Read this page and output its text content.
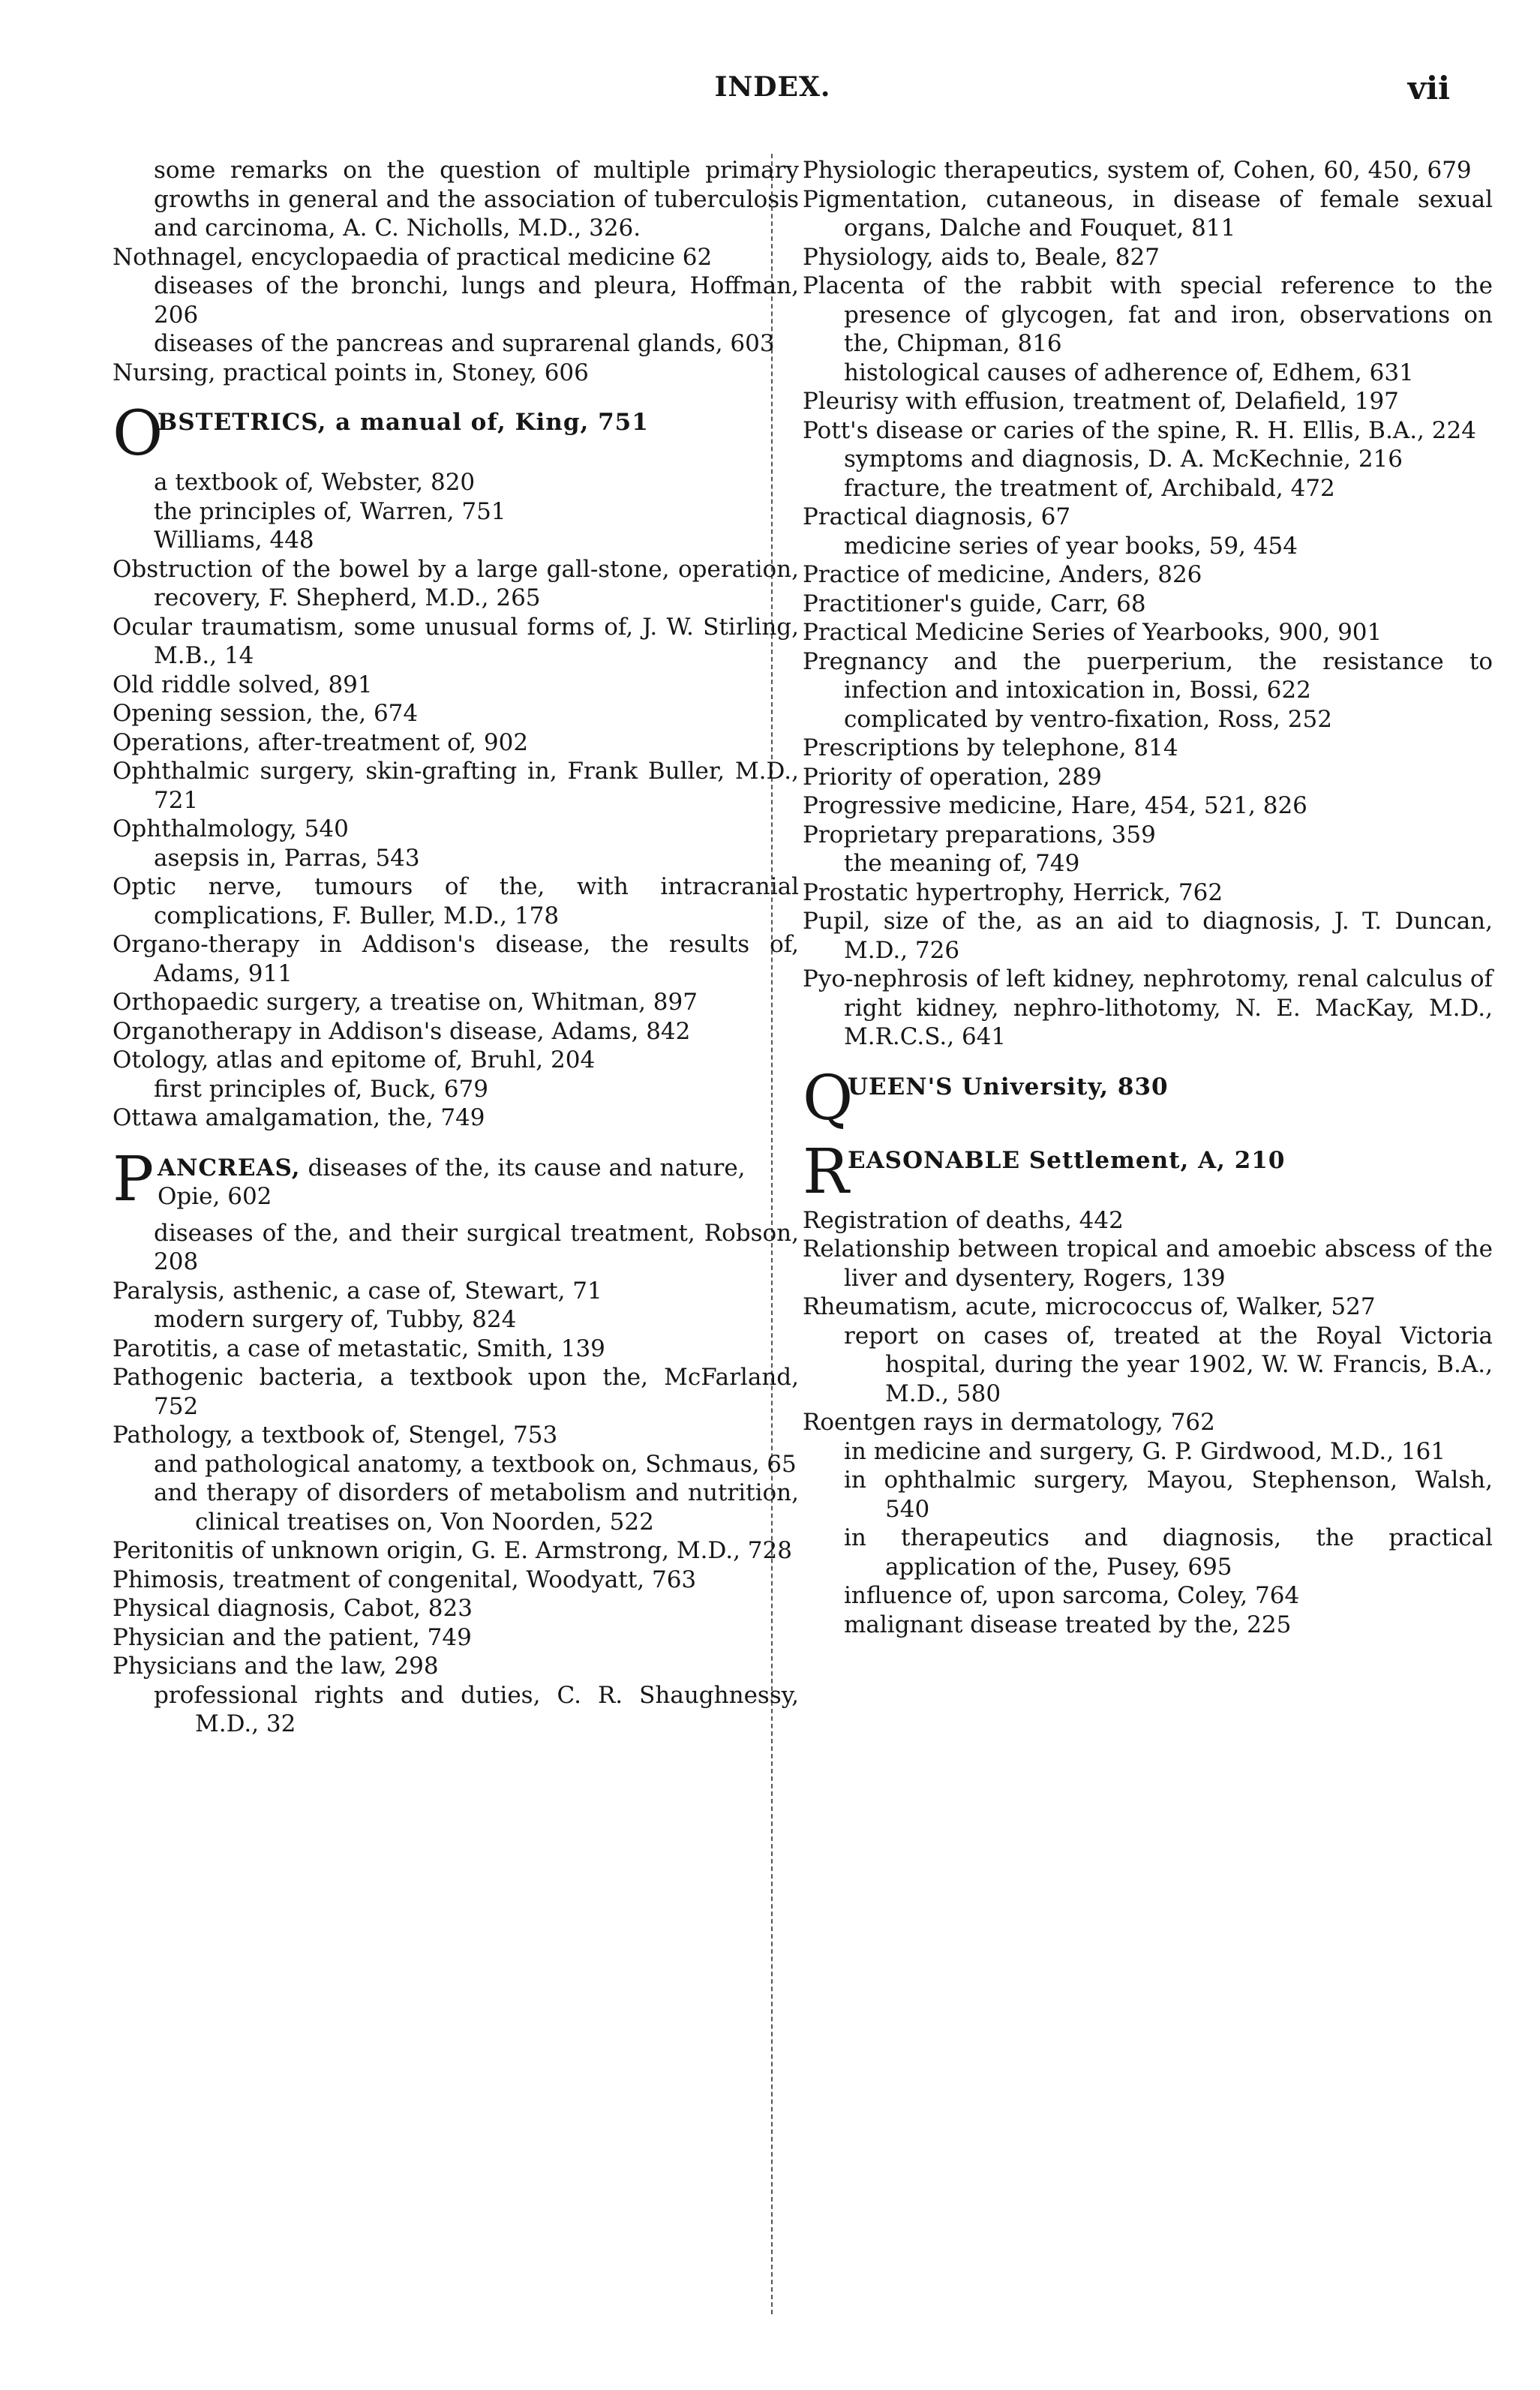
INDEX.	vii

some remarks on the question of multiple primary growths in general and the association of tuberculosis and carcinoma, A. C. Nicholls, M.D., 326.

Nothnagel, encyclopaedia of practical medicine 62

diseases of the bronchi, lungs and pleura, Hoffman, 206

diseases of the pancreas and suprarenal glands, 603

Nursing, practical points in, Stoney, 606

O
BSTETRICS, a manual of, King, 751

a textbook of, Webster, 820

the principles of, Warren, 751

Williams, 448

Obstruction of the bowel by a large gall-stone, operation, recovery, F. Shepherd, M.D., 265

Ocular traumatism, some unusual forms of, J. W. Stirling, M.B., 14

Old riddle solved, 891

Opening session, the, 674

Operations, after-treatment of, 902

Ophthalmic surgery, skin-grafting in, Frank Buller, M.D., 721

Ophthalmology, 540

asepsis in, Parras, 543

Optic nerve, tumours of the, with intracranial complications, F. Buller, M.D., 178

Organo-therapy in Addison's disease, the results of, Adams, 911

Orthopaedic surgery, a treatise on, Whitman, 897

Organotherapy in Addison's disease, Adams, 842

Otology, atlas and epitome of, Bruhl, 204

first principles of, Buck, 679

Ottawa amalgamation, the, 749

P ANCREAS, diseases of the, its cause and nature, Opie, 602

diseases of the, and their surgical treatment, Robson, 208

Paralysis, asthenic, a case of, Stewart, 71

modern surgery of, Tubby, 824

Parotitis, a case of metastatic, Smith, 139

Pathogenic bacteria, a textbook upon the, McFarland, 752

Pathology, a textbook of, Stengel, 753

and pathological anatomy, a textbook on, Schmaus, 65

and therapy of disorders of metabolism and nutrition, clinical treatises on, Von Noorden, 522

Peritonitis of unknown origin, G. E. Armstrong, M.D., 728

Phimosis, treatment of congenital, Woodyatt, 763

Physical diagnosis, Cabot, 823

Physician and the patient, 749

Physicians and the law, 298

professional rights and duties, C. R. Shaughnessy, M.D., 32

Physiologic therapeutics, system of, Cohen, 60, 450, 679

Pigmentation, cutaneous, in disease of female sexual organs, Dalche and Fouquet, 811

Physiology, aids to, Beale, 827

Placenta of the rabbit with special reference to the presence of glycogen, fat and iron, observations on the, Chipman, 816

histological causes of adherence of, Edhem, 631

Pleurisy with effusion, treatment of, Delafield, 197

Pott's disease or caries of the spine, R. H. Ellis, B.A., 224

symptoms and diagnosis, D. A. McKechnie, 216

fracture, the treatment of, Archibald, 472

Practical diagnosis, 67

medicine series of year books, 59, 454

Practice of medicine, Anders, 826

Practitioner's guide, Carr, 68

Practical Medicine Series of Yearbooks, 900, 901

Pregnancy and the puerperium, the resistance to infection and intoxication in, Bossi, 622

complicated by ventro-fixation, Ross, 252

Prescriptions by telephone, 814

Priority of operation, 289

Progressive medicine, Hare, 454, 521, 826

Proprietary preparations, 359

the meaning of, 749

Prostatic hypertrophy, Herrick, 762

Pupil, size of the, as an aid to diagnosis, J. T. Duncan, M.D., 726

Pyo-nephrosis of left kidney, nephrotomy, renal calculus of right kidney, nephro-lithotomy, N. E. MacKay, M.D., M.R.C.S., 641

Q
UEEN'S University, 830
R
EASONABLE Settlement, A, 210

Registration of deaths, 442

Relationship between tropical and amoebic abscess of the liver and dysentery, Rogers, 139

Rheumatism, acute, micrococcus of, Walker, 527

report on cases of, treated at the Royal Victoria hospital, during the year 1902, W. W. Francis, B.A., M.D., 580

Roentgen rays in dermatology, 762

in medicine and surgery, G. P. Girdwood, M.D., 161

in ophthalmic surgery, Mayou, Stephenson, Walsh, 540

in therapeutics and diagnosis, the practical application of the, Pusey, 695

influence of, upon sarcoma, Coley, 764

malignant disease treated by the, 225
